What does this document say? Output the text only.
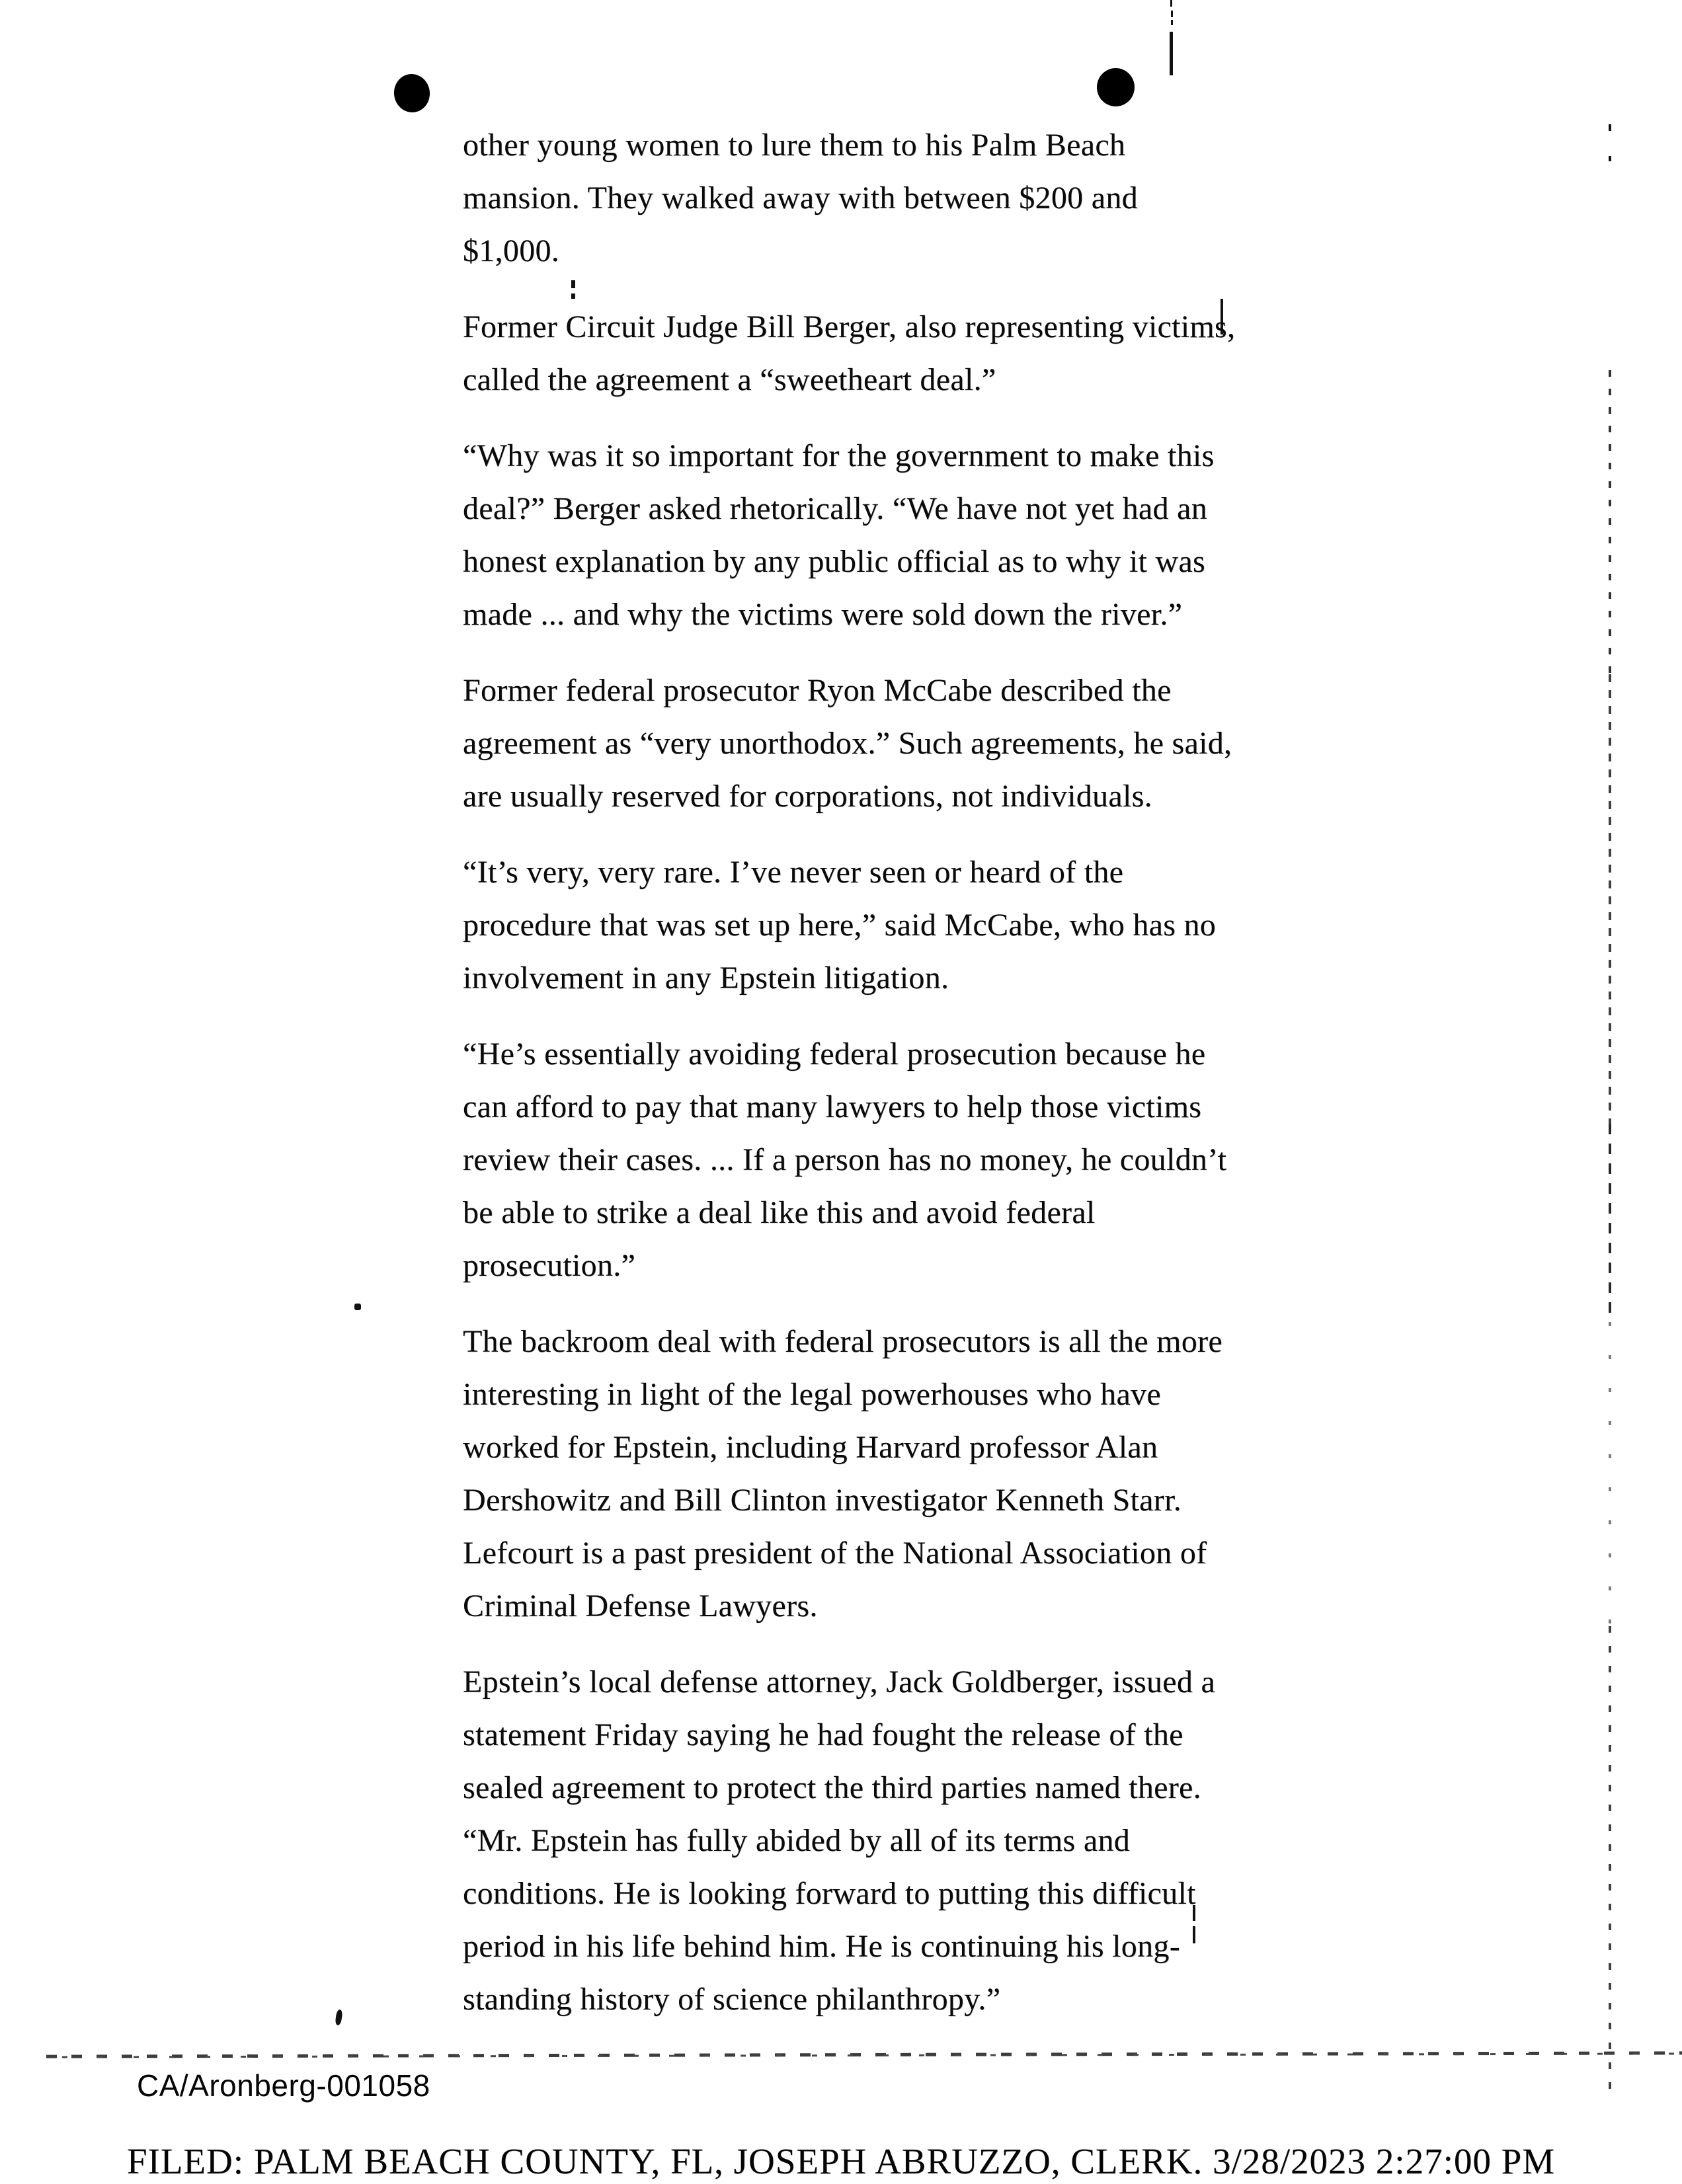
other young women to lure them to his Palm Beach
mansion. They walked away with between $200 and
$1,000.
Former Circuit Judge Bill Berger, also representing victims,
called the agreement a “sweetheart deal.”
“Why was it so important for the government to make this
deal?” Berger asked rhetorically. “We have not yet had an
honest explanation by any public official as to why it was
made ... and why the victims were sold down the river.”
Former federal prosecutor Ryon McCabe described the
agreement as “very unorthodox.” Such agreements, he said,
are usually reserved for corporations, not individuals.
“It’s very, very rare. I’ve never seen or heard of the
procedure that was set up here,” said McCabe, who has no
involvement in any Epstein litigation.
“He’s essentially avoiding federal prosecution because he
can afford to pay that many lawyers to help those victims
review their cases. ... If a person has no money, he couldn’t
be able to strike a deal like this and avoid federal
prosecution.”
The backroom deal with federal prosecutors is all the more
interesting in light of the legal powerhouses who have
worked for Epstein, including Harvard professor Alan
Dershowitz and Bill Clinton investigator Kenneth Starr.
Lefcourt is a past president of the National Association of
Criminal Defense Lawyers.
Epstein’s local defense attorney, Jack Goldberger, issued a
statement Friday saying he had fought the release of the
sealed agreement to protect the third parties named there.
“Mr. Epstein has fully abided by all of its terms and
conditions. He is looking forward to putting this difficult
period in his life behind him. He is continuing his long-
standing history of science philanthropy.”
CA/Aronberg-001058
FILED: PALM BEACH COUNTY, FL, JOSEPH ABRUZZO, CLERK. 3/28/2023 2:27:00 PM
